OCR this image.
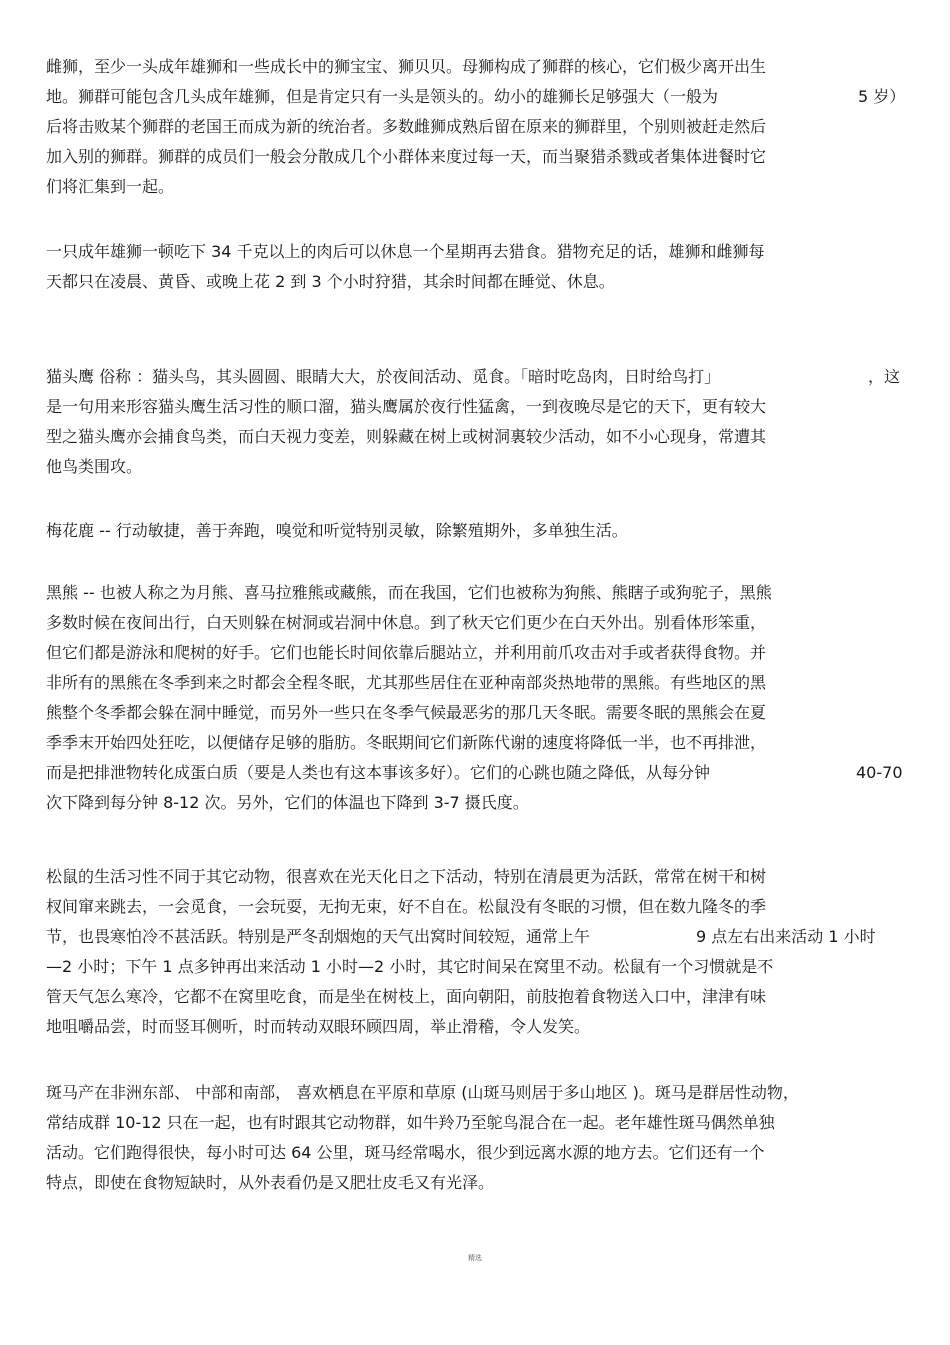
雌狮，至少一头成年雄狮和一些成长中的狮宝宝、狮贝贝。母狮构成了狮群的核心，它们极少离开出生
地。狮群可能包含几头成年雄狮，但是肯定只有一头是领头的。幼小的雄狮长足够强大（一般为	5 岁）
后将击败某个狮群的老国王而成为新的统治者。多数雌狮成熟后留在原来的狮群里，个别则被赶走然后
加入别的狮群。狮群的成员们一般会分散成几个小群体来度过每一天，而当聚猎杀戮或者集体进餐时它
们将汇集到一起。
一只成年雄狮一顿吃下 34 千克以上的肉后可以休息一个星期再去猎食。猎物充足的话，雄狮和雌狮每
天都只在凌晨、黄昏、或晚上花 2 到 3 个小时狩猎，其余时间都在睡觉、休息。
猫头鹰 俗称 ：猫头鸟，其头圆圆、眼睛大大，於夜间活动、觅食。「暗时吃岛肉，日时给鸟打」	，这
是一句用来形容猫头鹰生活习性的顺口溜，猫头鹰属於夜行性猛禽，一到夜晚尽是它的天下，更有较大
型之猫头鹰亦会捕食鸟类，而白天视力变差，则躲藏在树上或树洞裏较少活动，如不小心现身，常遭其
他鸟类围攻。
梅花鹿 -- 行动敏捷，善于奔跑，嗅觉和听觉特别灵敏，除繁殖期外，多单独生活。
黑熊 -- 也被人称之为月熊、喜马拉雅熊或藏熊，而在我国，它们也被称为狗熊、熊瞎子或狗驼子，黑熊
多数时候在夜间出行，白天则躲在树洞或岩洞中休息。到了秋天它们更少在白天外出。别看体形笨重，
但它们都是游泳和爬树的好手。它们也能长时间依靠后腿站立，并利用前爪攻击对手或者获得食物。并
非所有的黑熊在冬季到来之时都会全程冬眠，尤其那些居住在亚种南部炎热地带的黑熊。有些地区的黑
熊整个冬季都会躲在洞中睡觉，而另外一些只在冬季气候最恶劣的那几天冬眠。需要冬眠的黑熊会在夏
季季末开始四处狂吃，以便储存足够的脂肪。冬眠期间它们新陈代谢的速度将降低一半，也不再排泄，
而是把排泄物转化成蛋白质（要是人类也有这本事该多好）。它们的心跳也随之降低，从每分钟	40-70
次下降到每分钟 8-12 次。另外，它们的体温也下降到 3-7 摄氏度。
松鼠的生活习性不同于其它动物，很喜欢在光天化日之下活动，特别在清晨更为活跃，常常在树干和树
杈间窜来跳去，一会觅食，一会玩耍，无拘无束，好不自在。松鼠没有冬眠的习惯，但在数九隆冬的季
节，也畏寒怕冷不甚活跃。特别是严冬刮烟炮的天气出窝时间较短，通常上午	9 点左右出来活动 1 小时
—2 小时；下午 1 点多钟再出来活动 1 小时—2 小时，其它时间呆在窝里不动。松鼠有一个习惯就是不
管天气怎么寒冷，它都不在窝里吃食，而是坐在树枝上，面向朝阳，前肢抱着食物送入口中，津津有味
地咀嚼品尝，时而竖耳侧听，时而转动双眼环顾四周，举止滑稽，令人发笑。
斑马产在非洲东部、 中部和南部， 喜欢栖息在平原和草原 (山斑马则居于多山地区 )。斑马是群居性动物，
常结成群 10-12 只在一起，也有时跟其它动物群，如牛羚乃至鸵鸟混合在一起。老年雄性斑马偶然单独
活动。它们跑得很快，每小时可达 64 公里，斑马经常喝水，很少到远离水源的地方去。它们还有一个
特点，即使在食物短缺时，从外表看仍是又肥壮皮毛又有光泽。
精选
